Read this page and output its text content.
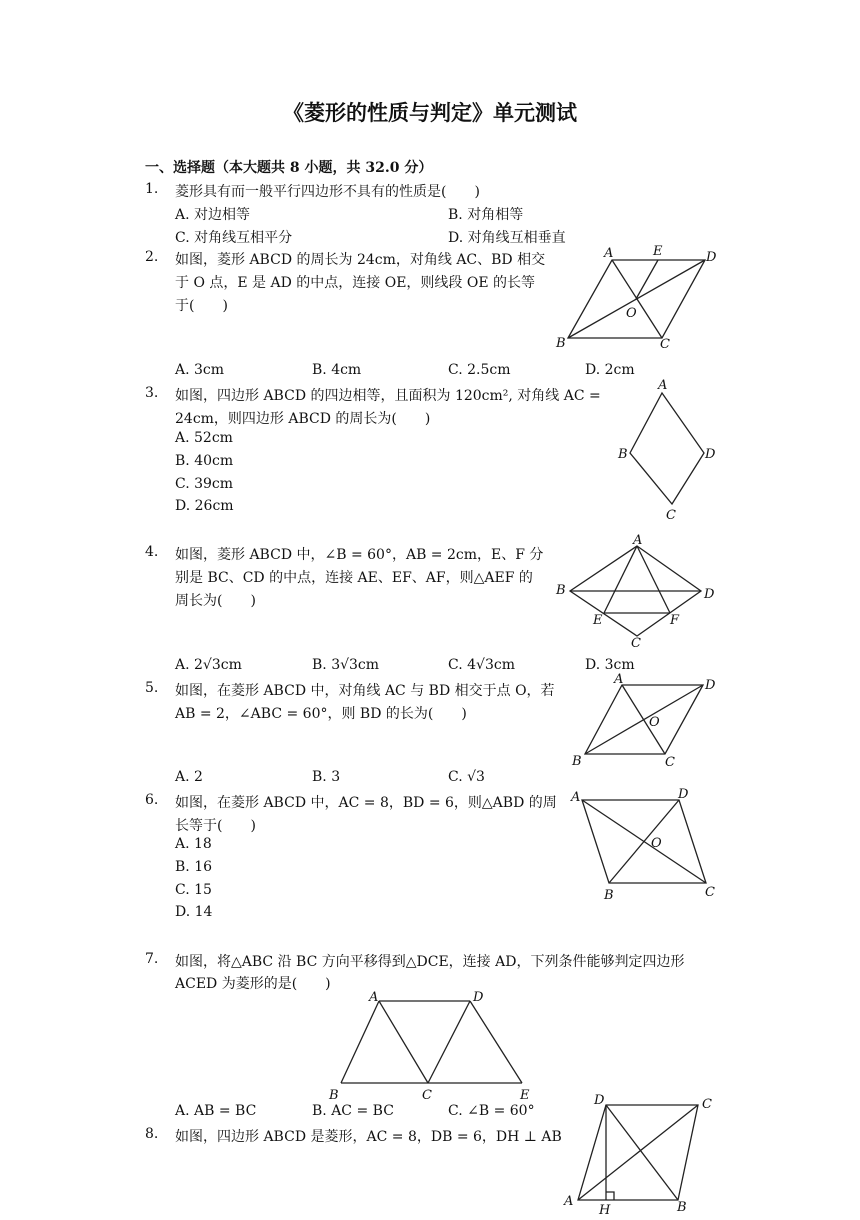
《菱形的性质与判定》单元测试
一、选择题（本大题共 8 小题，共 32.0 分）
1. 菱形具有而一般平行四边形不具有的性质是(　　)
A. 对边相等	B. 对角相等
C. 对角线互相平分	D. 对角线互相垂直
2. 如图，菱形 ABCD 的周长为 24cm，对角线 AC、BD 相交
于 O 点，E 是 AD 的中点，连接 OE，则线段 OE 的长等
于(　　)
A. 3cm	B. 4cm	C. 2.5cm	D. 2cm
A	E	D
O
B	C
3. 如图，四边形 ABCD 的四边相等，且面积为 120cm², 对角线 AC =
24cm，则四边形 ABCD 的周长为(　　)
A. 52cm
B. 40cm
C. 39cm
D. 26cm
A
B	D
C
4. 如图，菱形 ABCD 中，∠B = 60°，AB = 2cm，E、F 分
别是 BC、CD 的中点，连接 AE、EF、AF，则△AEF 的
周长为(　　)
A. 2√3cm	B. 3√3cm	C. 4√3cm	D. 3cm
A
B	D
E	F
C
5. 如图，在菱形 ABCD 中，对角线 AC 与 BD 相交于点 O，若
AB = 2，∠ABC = 60°，则 BD 的长为(　　)
A. 2	B. 3	C. √3
A	D
O
B	C
6. 如图，在菱形 ABCD 中，AC = 8，BD = 6，则△ABD 的周
长等于(　　)
A. 18
B. 16
C. 15
D. 14
A	D
O
B	C
7. 如图，将△ABC 沿 BC 方向平移得到△DCE，连接 AD，下列条件能够判定四边形
ACED 为菱形的是(　　)
A	D
B	C	E
A. AB = BC	B. AC = BC	C. ∠B = 60°
8. 如图，四边形 ABCD 是菱形，AC = 8，DB = 6，DH ⊥ AB
D	C
A
H	B
